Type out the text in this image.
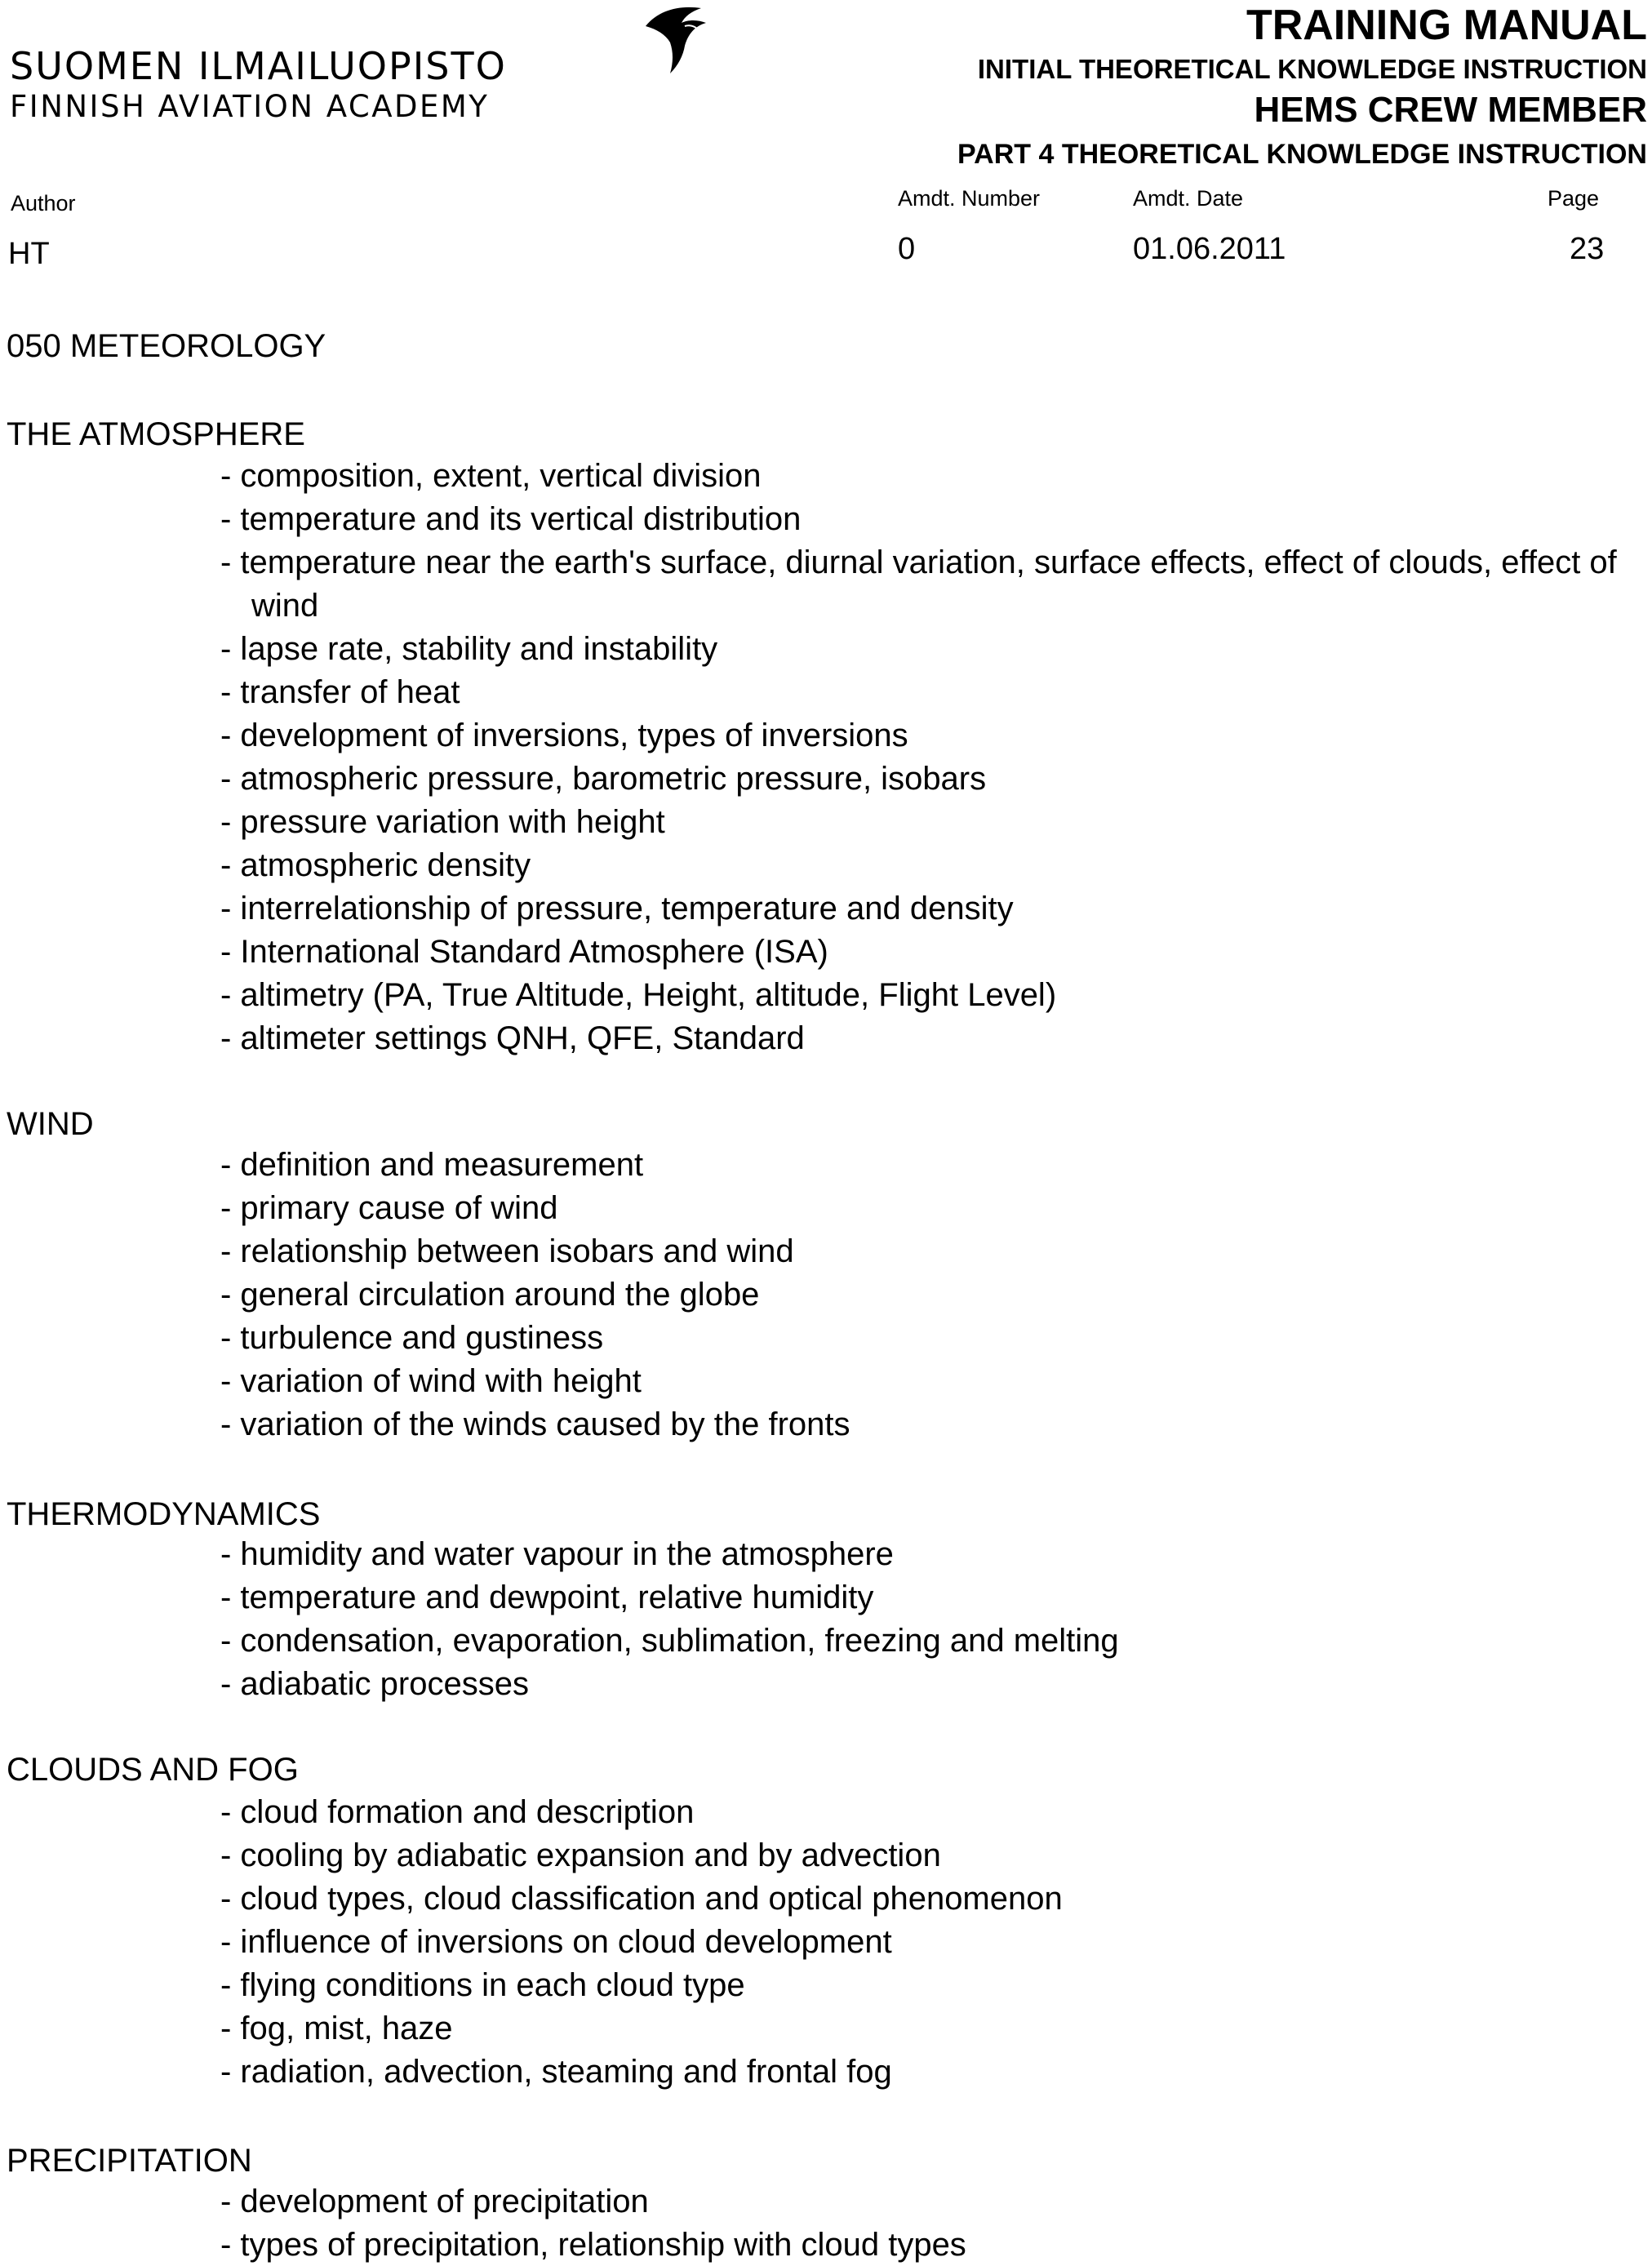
SUOMEN ILMAILUOPISTO
FINNISH AVIATION ACADEMY
TRAINING MANUAL
INITIAL THEORETICAL KNOWLEDGE INSTRUCTION
HEMS CREW MEMBER
PART 4 THEORETICAL KNOWLEDGE INSTRUCTION
Author
HT
Amdt. Number
0
Amdt. Date
01.06.2011
Page
23
050 METEOROLOGY
THE ATMOSPHERE
- composition, extent, vertical division
- temperature and its vertical distribution
- temperature near the earth's surface, diurnal variation, surface effects, effect of clouds, effect of wind
- lapse rate, stability and instability
- transfer of heat
- development of inversions, types of inversions
- atmospheric pressure, barometric pressure, isobars
- pressure variation with height
- atmospheric density
- interrelationship of pressure, temperature and density
- International Standard Atmosphere (ISA)
- altimetry (PA, True Altitude, Height, altitude, Flight Level)
- altimeter settings QNH, QFE, Standard
WIND
- definition and measurement
- primary cause of wind
- relationship between isobars and wind
- general circulation around the globe
- turbulence and gustiness
- variation of wind with height
- variation of the winds caused by the fronts
THERMODYNAMICS
- humidity and water vapour in the atmosphere
- temperature and dewpoint, relative humidity
- condensation, evaporation, sublimation, freezing and melting
- adiabatic processes
CLOUDS AND FOG
- cloud formation and description
- cooling by adiabatic expansion and by advection
- cloud types, cloud classification and optical phenomenon
- influence of inversions on cloud development
- flying conditions in each cloud type
- fog, mist, haze
- radiation, advection, steaming and frontal fog
PRECIPITATION
- development of precipitation
- types of precipitation, relationship with cloud types
